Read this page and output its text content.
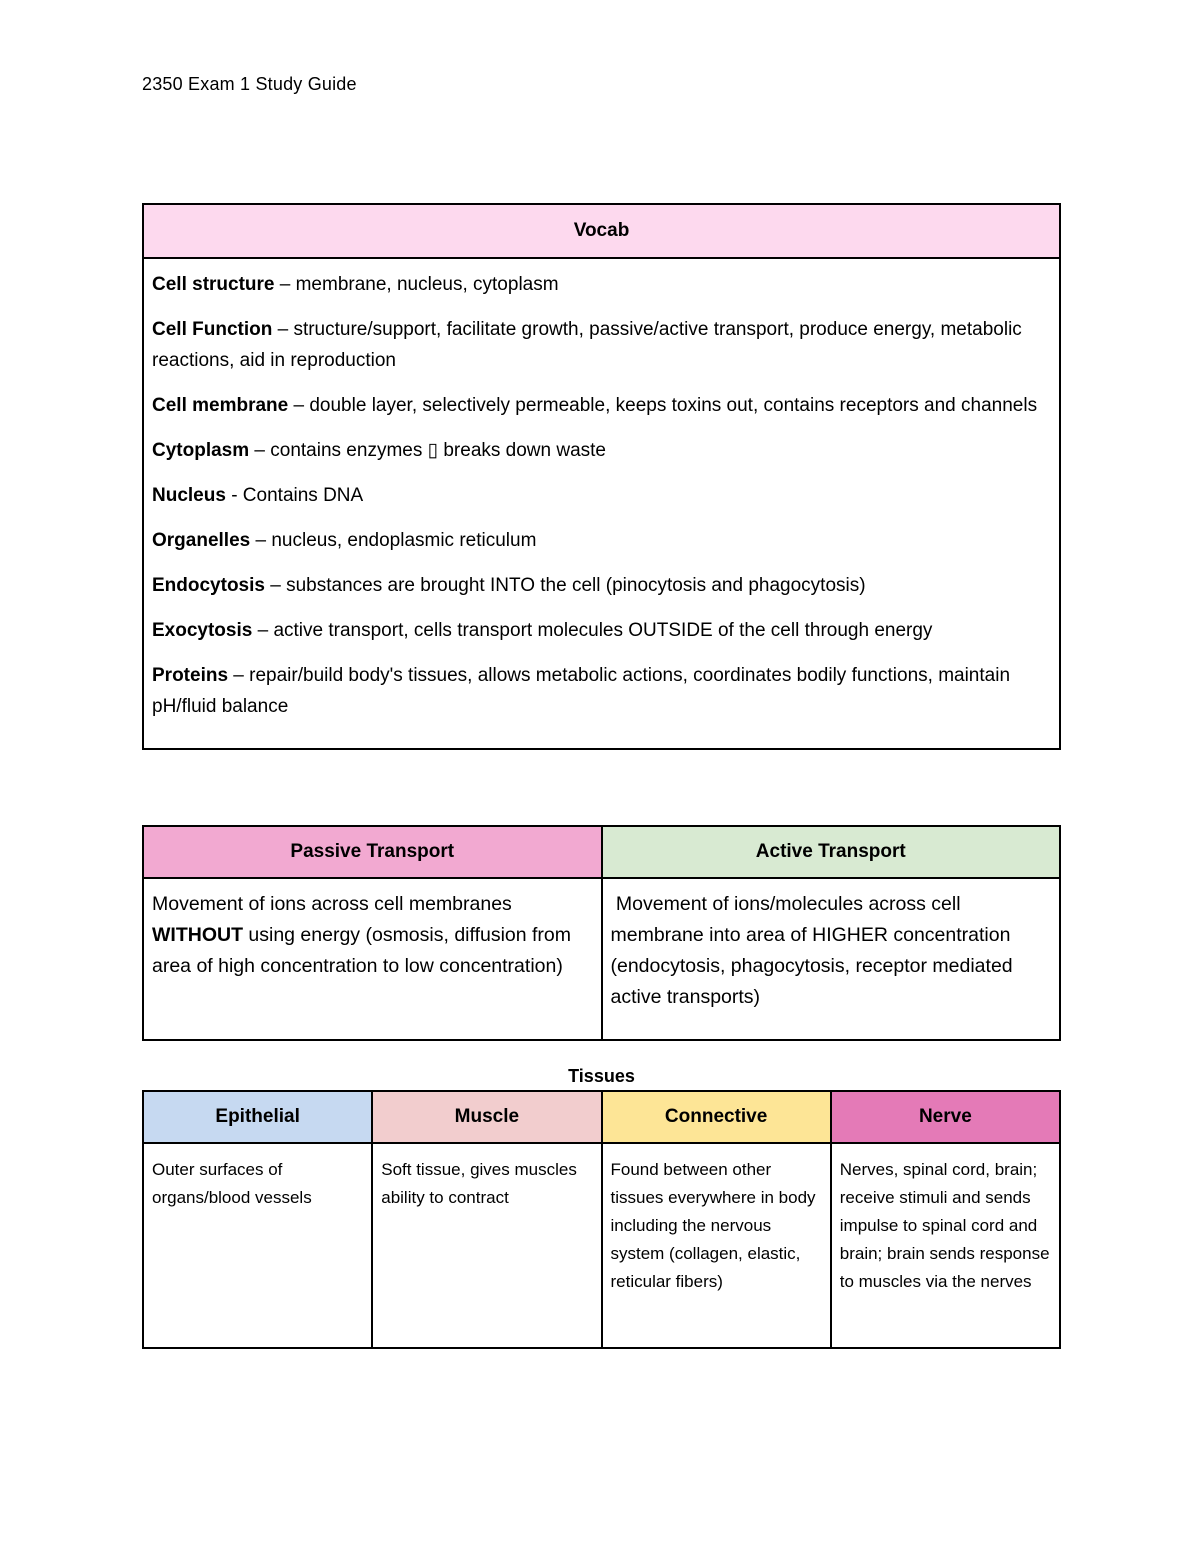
2350 Exam 1 Study Guide
Vocab

Cell structure – membrane, nucleus, cytoplasm
Cell Function – structure/support, facilitate growth, passive/active transport, produce energy, metabolic reactions, aid in reproduction
Cell membrane – double layer, selectively permeable, keeps toxins out, contains receptors and channels
Cytoplasm – contains enzymes ▯ breaks down waste
Nucleus - Contains DNA
Organelles – nucleus, endoplasmic reticulum
Endocytosis – substances are brought INTO the cell (pinocytosis and phagocytosis)
Exocytosis – active transport, cells transport molecules OUTSIDE of the cell through energy
Proteins – repair/build body's tissues, allows metabolic actions, coordinates bodily functions, maintain pH/fluid balance
Passive Transport	Active Transport
Movement of ions across cell membranes WITHOUT using energy (osmosis, diffusion from area of high concentration to low concentration)	Movement of ions/molecules across cell membrane into area of HIGHER concentration (endocytosis, phagocytosis, receptor mediated active transports)
Tissues
Epithelial	Muscle	Connective	Nerve
Outer surfaces of organs/blood vessels	Soft tissue, gives muscles ability to contract	Found between other tissues everywhere in body including the nervous system (collagen, elastic, reticular fibers)	Nerves, spinal cord, brain; receive stimuli and sends impulse to spinal cord and brain; brain sends response to muscles via the nerves
